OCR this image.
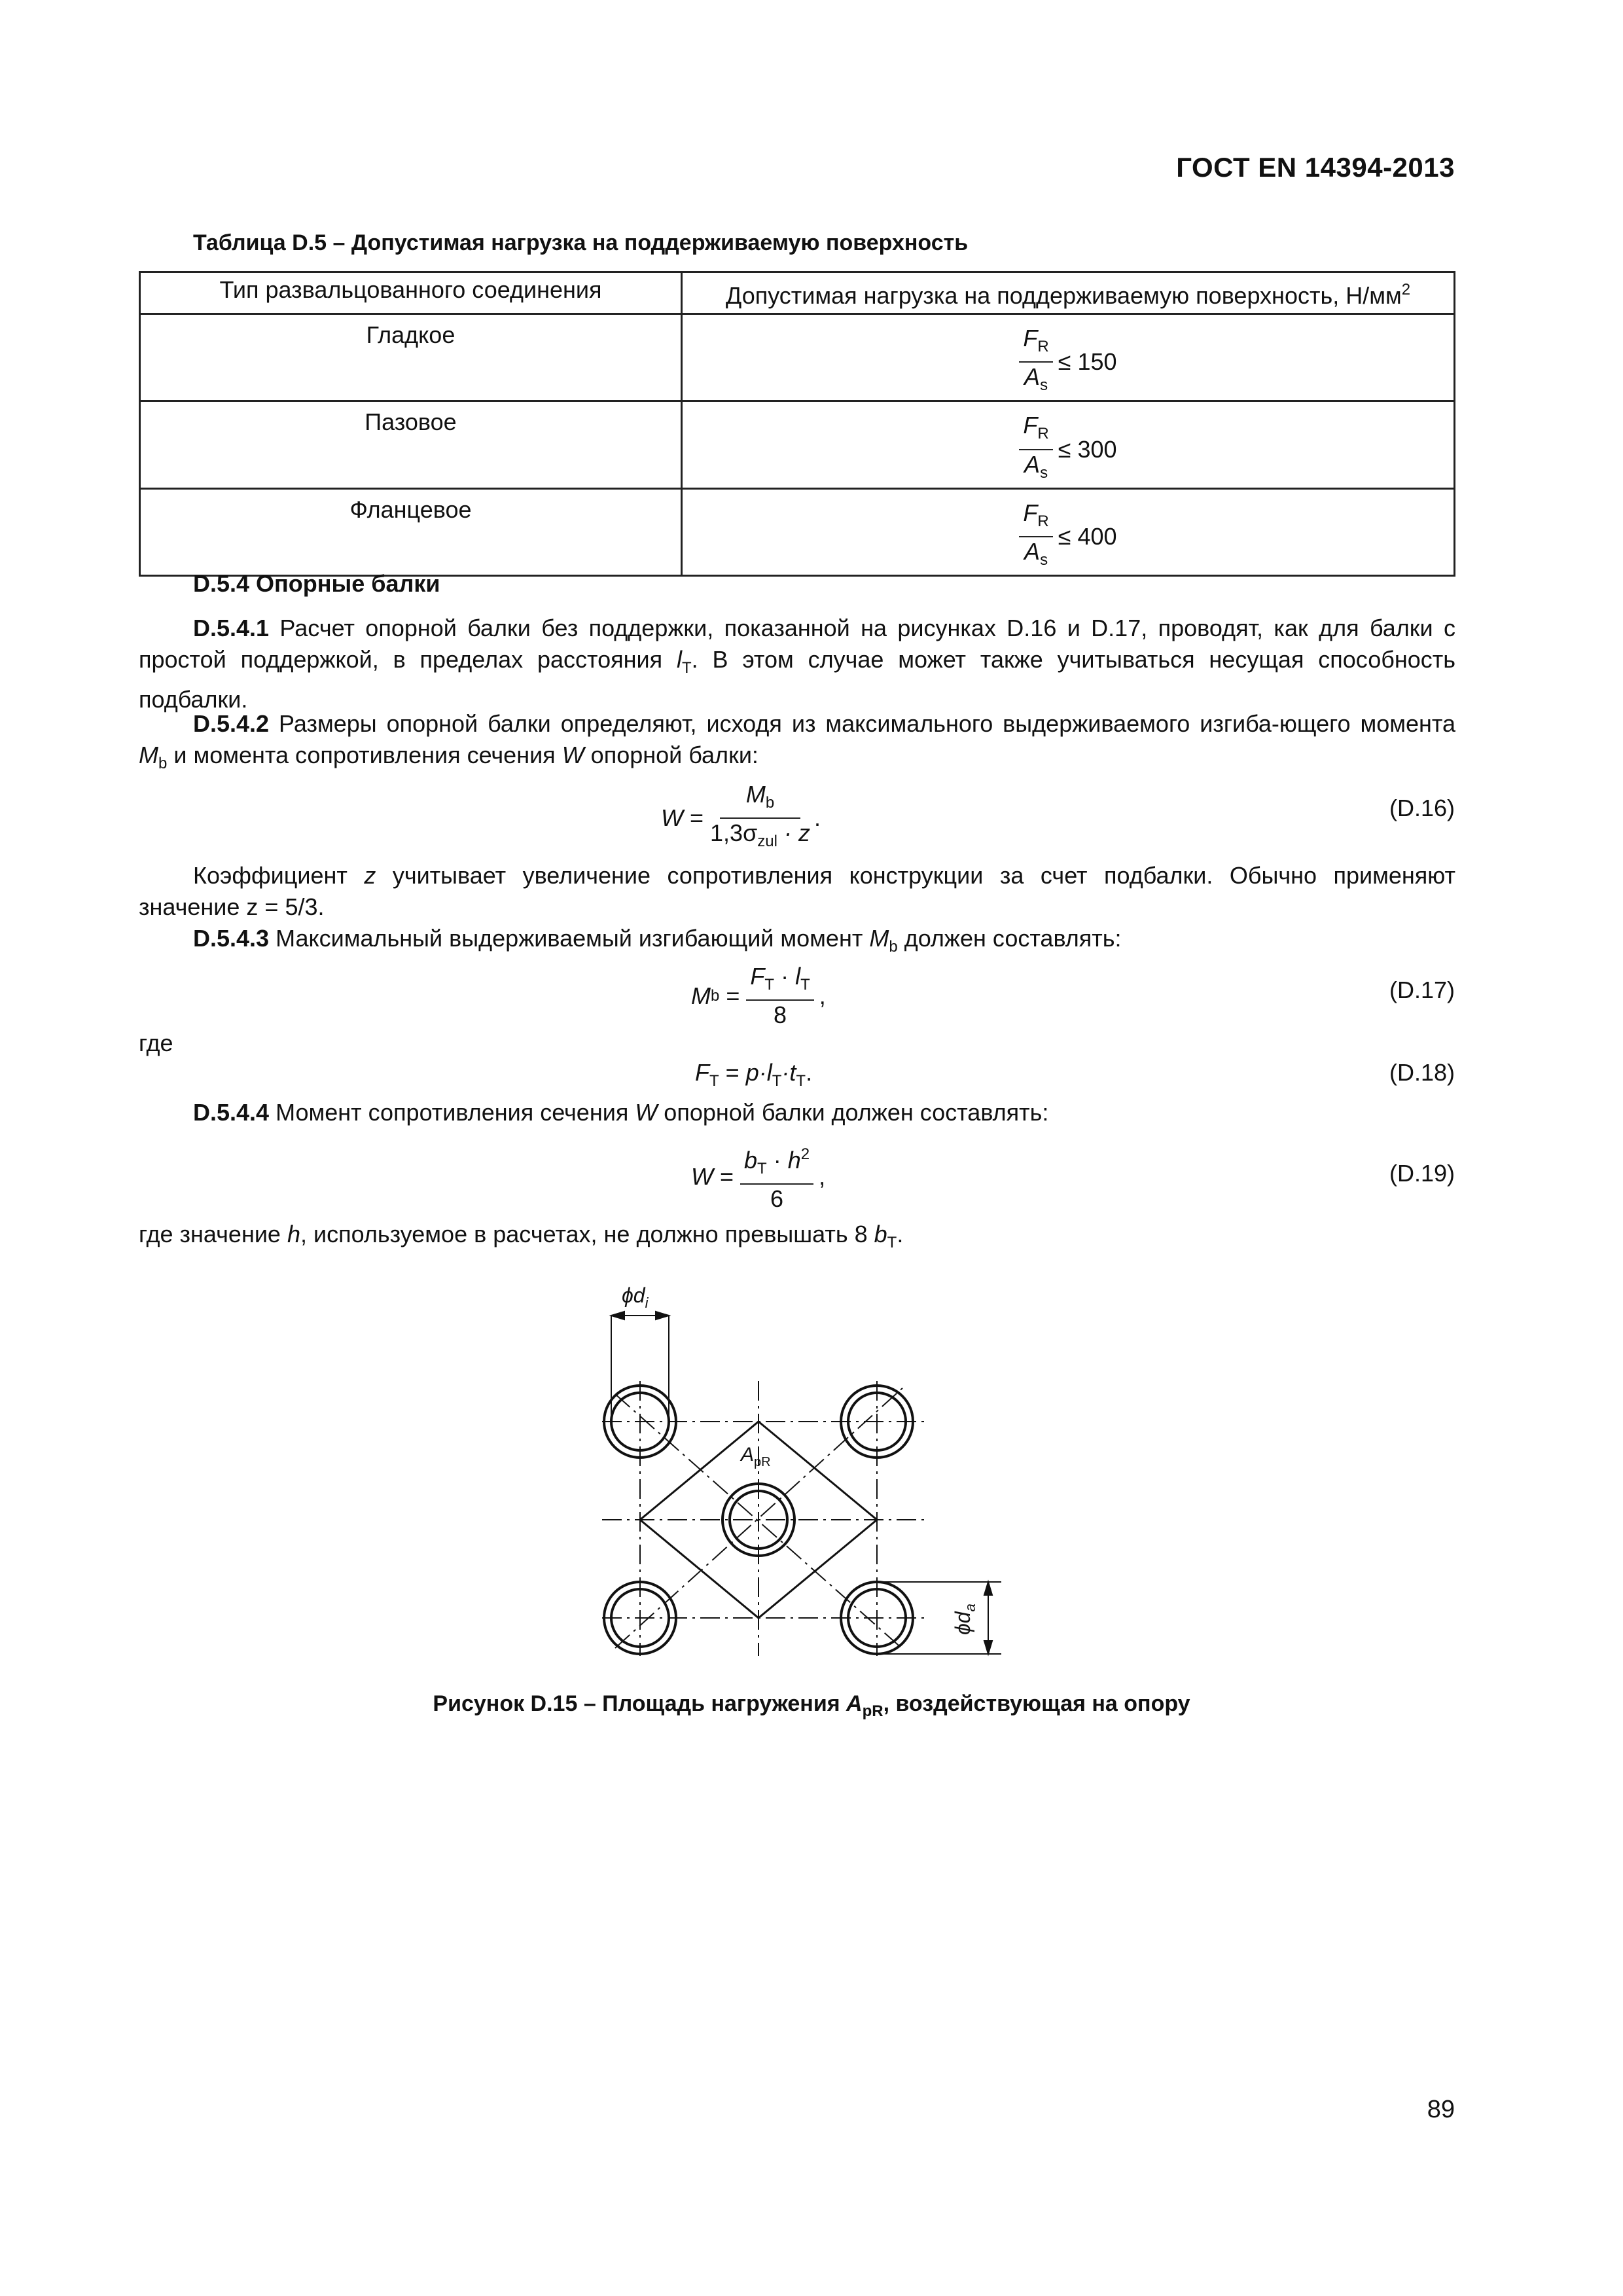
ГОСТ EN 14394-2013
Таблица D.5 – Допустимая нагрузка на поддерживаемую поверхность
Тип развальцованного соединения	Допустимая нагрузка на поддерживаемую поверхность, $Н/мм^2$
Гладкое	$\frac{F_R}{A_s} \le 150$

Пазовое	$\frac{F_R}{A_s} \le 300$

Фланцевое	$\frac{F_R}{A_s} \le 400$
D.5.4 Опорные балки
D.5.4.1 Расчет опорной балки без поддержки, показанной на рисунках D.16 и D.17, проводят, как для балки с простой поддержкой, в пределах расстояния $l_T$. В этом случае может также учитываться несущая способность подбалки.
D.5.4.2 Размеры опорной балки определяют, исходя из максимального выдерживаемого изгиба-ющего момента $M_b$ и момента сопротивления сечения W опорной балки:
$W = \frac{M_b}{1,3\sigma_{zul} \cdot z}$ .	(D.16)
Коэффициент z учитывает увеличение сопротивления конструкции за счет подбалки. Обычно применяют значение z = 5/3.
D.5.4.3 Максимальный выдерживаемый изгибающий момент $M_b$ должен составлять:
M $b = \frac{F_T \cdot l_T}{8}$ ,	(D.17)
где
$F_T = p\cdot l_T\cdot t_T$.	(D.18)
D.5.4.4 Момент сопротивления сечения W опорной балки должен составлять:
$W = \frac{b_T \cdot h^2}{6}$ ,	(D.19)
где значение h, используемое в расчетах, не должно превышать 8 $b_T$.
$\phi d_i$
$A_{pR}$
$\phi d_a$
Рисунок D.15 – Площадь нагружения $A_{pR}$, воздействующая на опору
89
